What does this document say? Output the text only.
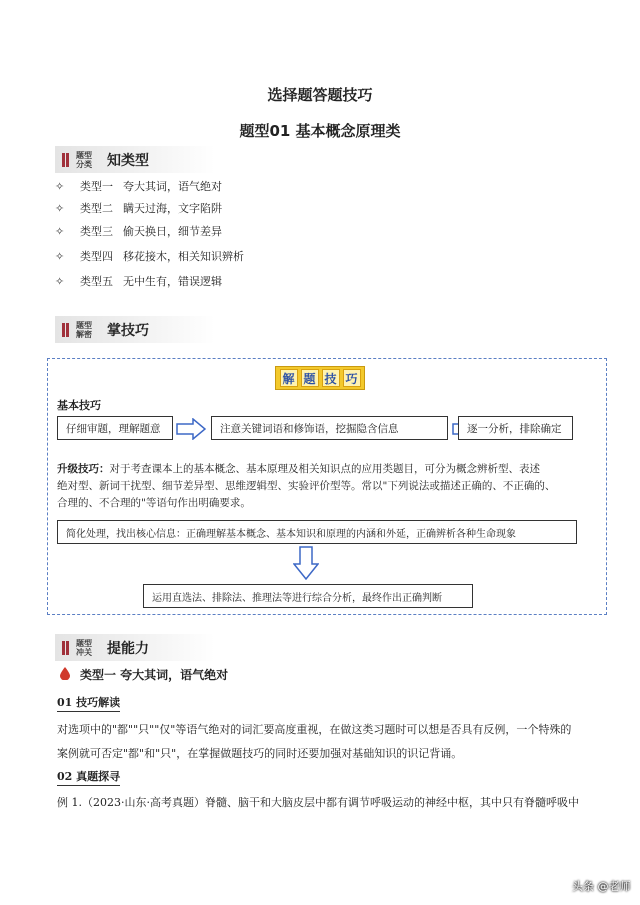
选择题答题技巧
题型01 基本概念原理类
题型
分类 知类型
✧	类型一 夸大其词，语气绝对
✧	类型二 瞒天过海，文字陷阱
✧	类型三 偷天换日，细节差异
✧	类型四 移花接木，相关知识辨析
✧	类型五 无中生有，错误逻辑
题型
解密 掌技巧
解 题 技 巧
基本技巧
仔细审题，理解题意	注意关键词语和修饰语，挖掘隐含信息	逐一分析，排除确定
升级技巧：对于考查课本上的基本概念、基本原理及相关知识点的应用类题目，可分为概念辨析型、表述
绝对型、新词干扰型、细节差异型、思维逻辑型、实验评价型等。常以"下列说法或描述正确的、不正确的、
合理的、不合理的"等语句作出明确要求。
简化处理，找出核心信息：正确理解基本概念、基本知识和原理的内涵和外延，正确辨析各种生命现象
运用直选法、排除法、推理法等进行综合分析，最终作出正确判断
题型
冲关 提能力
类型一 夸大其词，语气绝对
01 技巧解读
对选项中的"都""只""仅"等语气绝对的词汇要高度重视，在做这类习题时可以想是否具有反例，一个特殊的
案例就可否定"都"和"只"，在掌握做题技巧的同时还要加强对基础知识的识记背诵。
02 真题探寻
例 1.（2023·山东·高考真题）脊髓、脑干和大脑皮层中都有调节呼吸运动的神经中枢，其中只有脊髓呼吸中
头条 @老师
